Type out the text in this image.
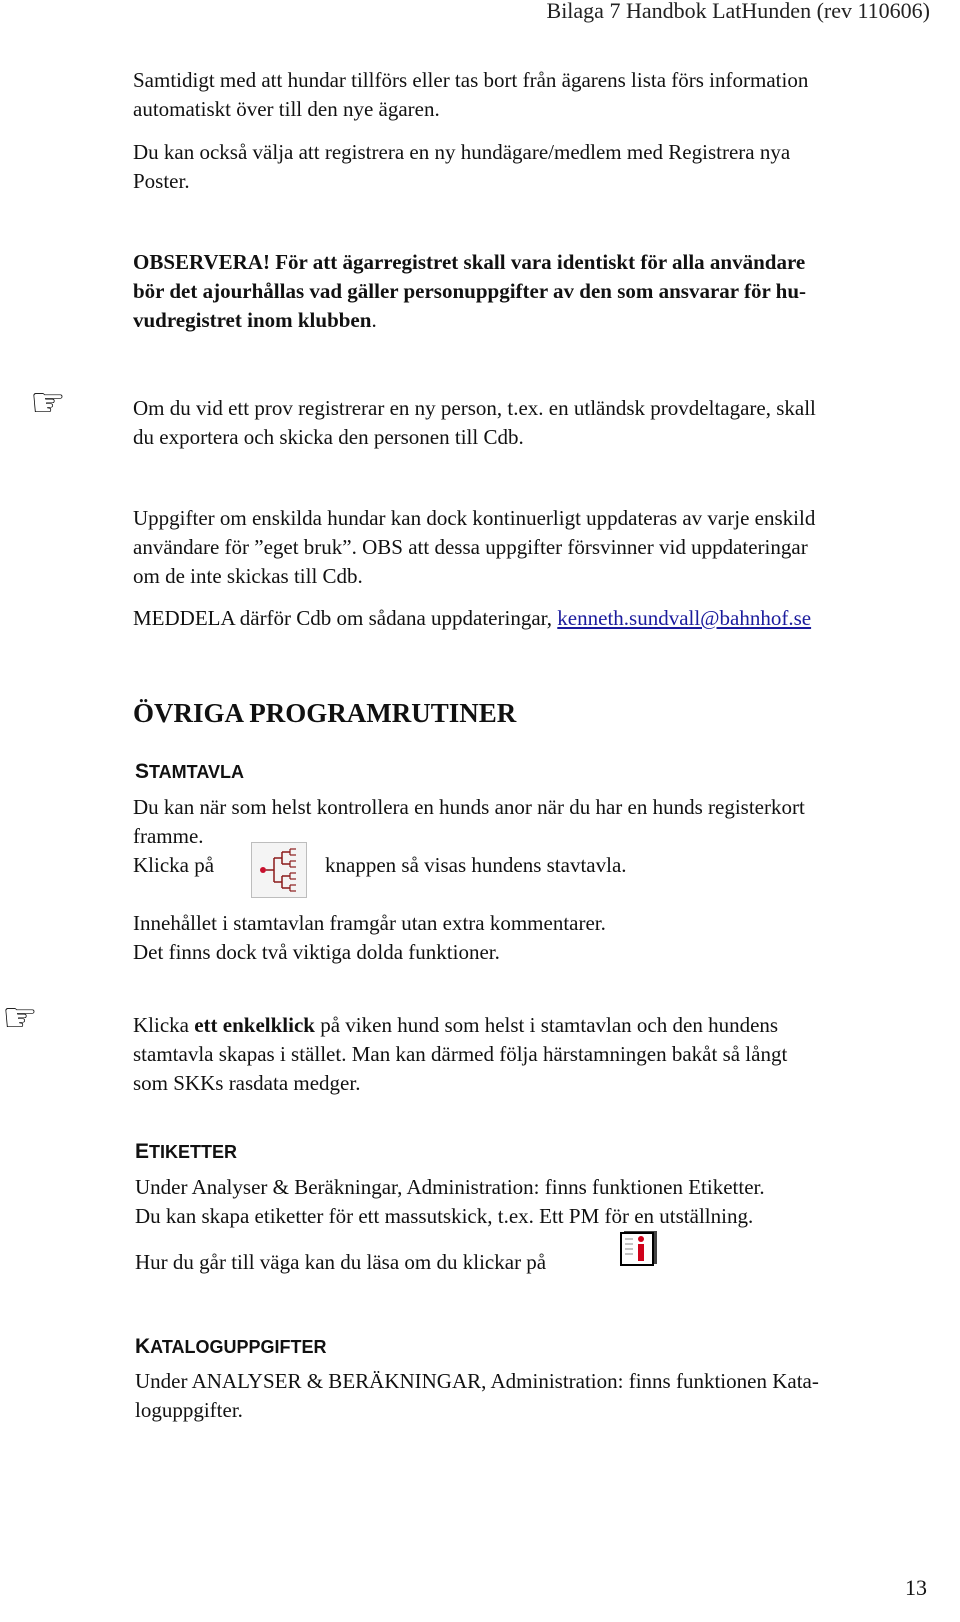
Bilaga 7 Handbok LatHunden (rev 110606)
Samtidigt med att hundar tillförs eller tas bort från ägarens lista förs information
automatiskt över till den nye ägaren.
Du kan också välja att registrera en ny hundägare/medlem med Registrera nya
Poster.
OBSERVERA! För att ägarregistret skall vara identiskt för alla användare
bör det ajourhållas vad gäller personuppgifter av den som ansvarar för hu-
vudregistret inom klubben.
☞	Om du vid ett prov registrerar en ny person, t.ex. en utländsk provdeltagare, skall
du exportera och skicka den personen till Cdb.
Uppgifter om enskilda hundar kan dock kontinuerligt uppdateras av varje enskild
användare för ”eget bruk”. OBS att dessa uppgifter försvinner vid uppdateringar
om de inte skickas till Cdb.
MEDDELA därför Cdb om sådana uppdateringar, kenneth.sundvall@bahnhof.se
ÖVRIGA PROGRAMRUTINER
STAMTAVLA
Du kan när som helst kontrollera en hunds anor när du har en hunds registerkort
framme.
Klicka på	knappen så visas hundens stavtavla.
Innehållet i stamtavlan framgår utan extra kommentarer.
Det finns dock två viktiga dolda funktioner.
☞	Klicka ett enkelklick på viken hund som helst i stamtavlan och den hundens
stamtavla skapas i stället. Man kan därmed följa härstamningen bakåt så långt
som SKKs rasdata medger.
ETIKETTER
Under Analyser & Beräkningar, Administration: finns funktionen Etiketter.
Du kan skapa etiketter för ett massutskick, t.ex. Ett PM för en utställning.
Hur du går till väga kan du läsa om du klickar på
KATALOGUPPGIFTER
Under ANALYSER & BERÄKNINGAR, Administration: finns funktionen Kata-
loguppgifter.
13
